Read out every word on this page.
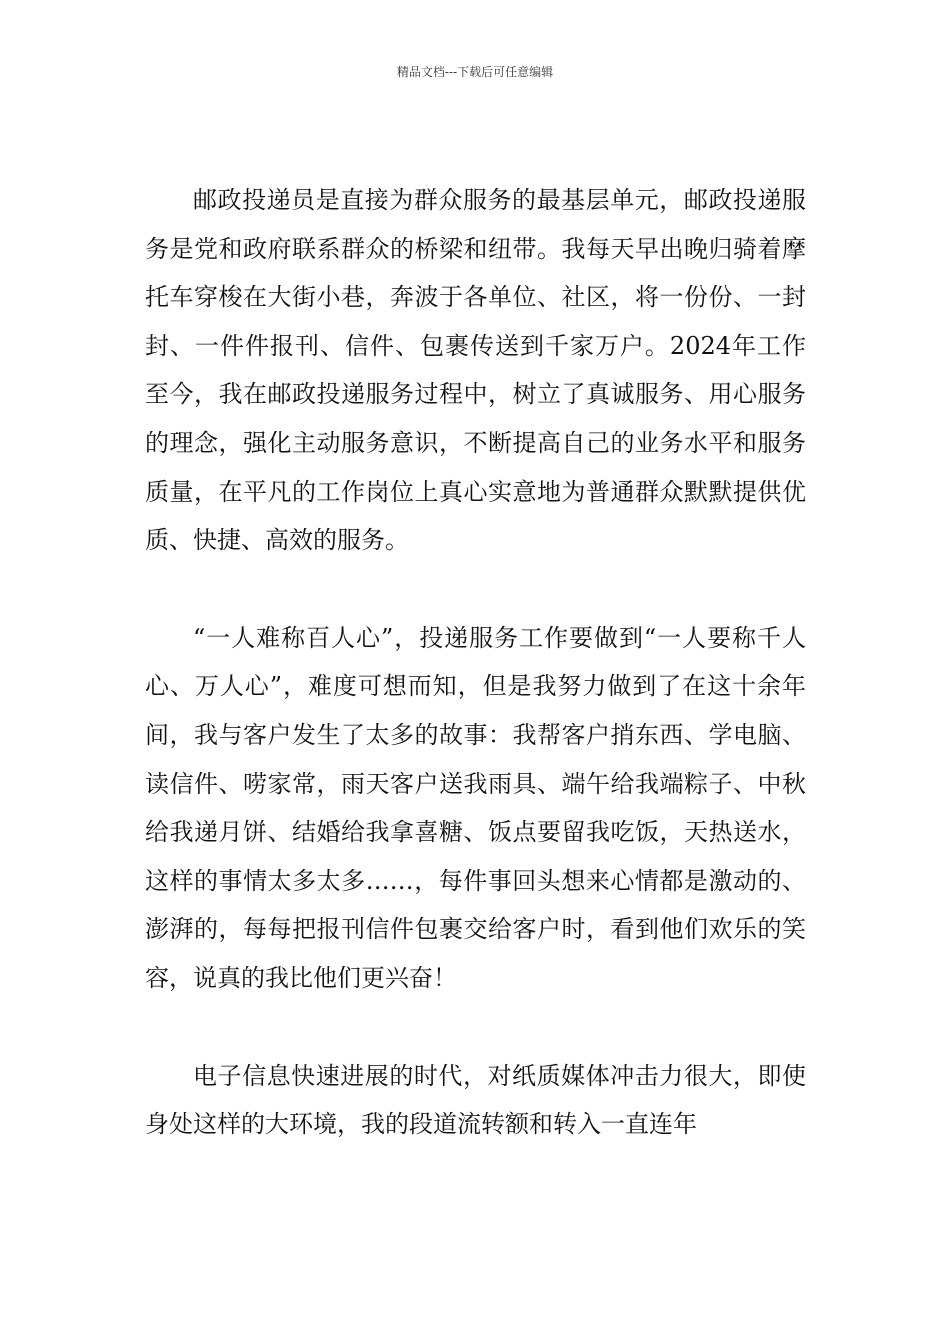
精品文档---下载后可任意编辑

邮政投递员是直接为群众服务的最基层单元，邮政投递服务是党和政府联系群众的桥梁和纽带。我每天早出晚归骑着摩托车穿梭在大街小巷，奔波于各单位、社区，将一份份、一封封、一件件报刊、信件、包裹传送到千家万户。2024年工作至今，我在邮政投递服务过程中，树立了真诚服务、用心服务的理念，强化主动服务意识，不断提高自己的业务水平和服务质量，在平凡的工作岗位上真心实意地为普通群众默默提供优质、快捷、高效的服务。

“一人难称百人心”，投递服务工作要做到“一人要称千人心、万人心”，难度可想而知，但是我努力做到了在这十余年间，我与客户发生了太多的故事：我帮客户捎东西、学电脑、读信件、唠家常，雨天客户送我雨具、端午给我端粽子、中秋给我递月饼、结婚给我拿喜糖、饭点要留我吃饭，天热送水，这样的事情太多太多……，每件事回头想来心情都是激动的、澎湃的，每每把报刊信件包裹交给客户时，看到他们欢乐的笑容，说真的我比他们更兴奋！

电子信息快速进展的时代，对纸质媒体冲击力很大，即使身处这样的大环境，我的段道流转额和转入一直连年
